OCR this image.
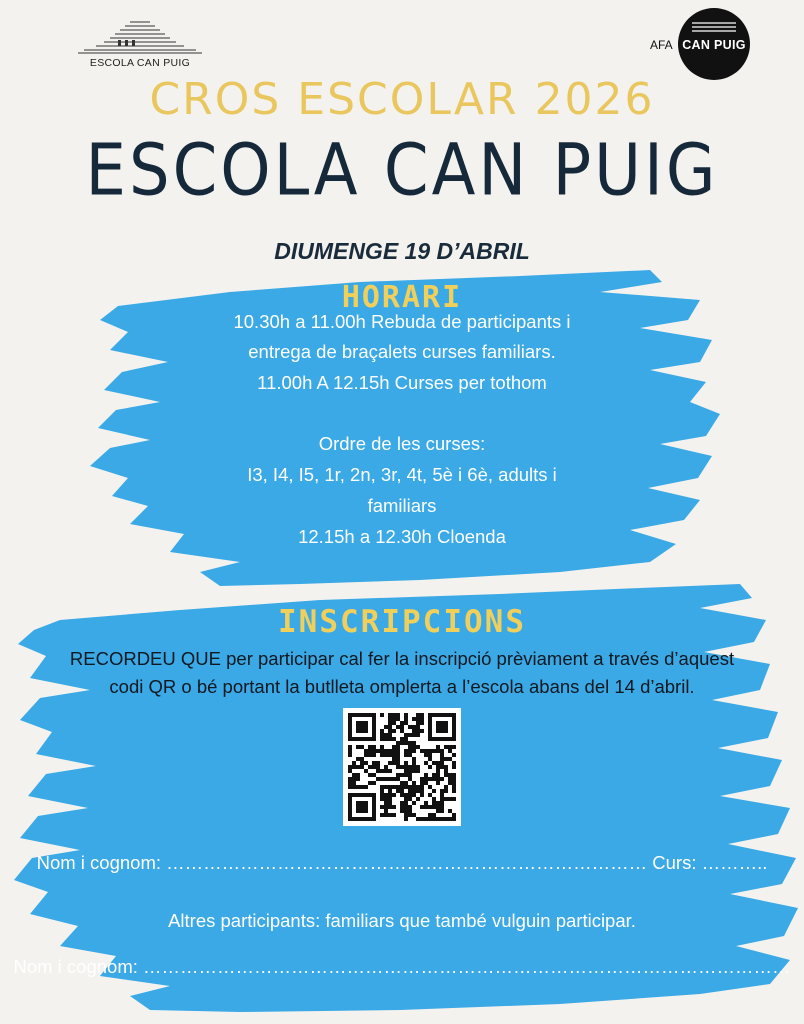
ESCOLA CAN PUIG
AFA CAN PUIG
CROS ESCOLAR 2026
ESCOLA CAN PUIG
DIUMENGE 19 D’ABRIL
HORARI
10.30h a 11.00h Rebuda de participants i
entrega de braçalets curses familiars.
11.00h A 12.15h Curses per tothom
Ordre de les curses:
I3, I4, I5, 1r, 2n, 3r, 4t, 5è i 6è, adults i
familiars
12.15h a 12.30h Cloenda
INSCRIPCIONS
RECORDEU QUE per participar cal fer la inscripció prèviament a través d’aquest
codi QR o bé portant la butlleta omplerta a l’escola abans del 14 d’abril.
Nom i cognom: …………………………………………………………………… Curs: ………..
Altres participants: familiars que també vulguin participar.
Nom i cognom: ……………………………………………………………………………………………
